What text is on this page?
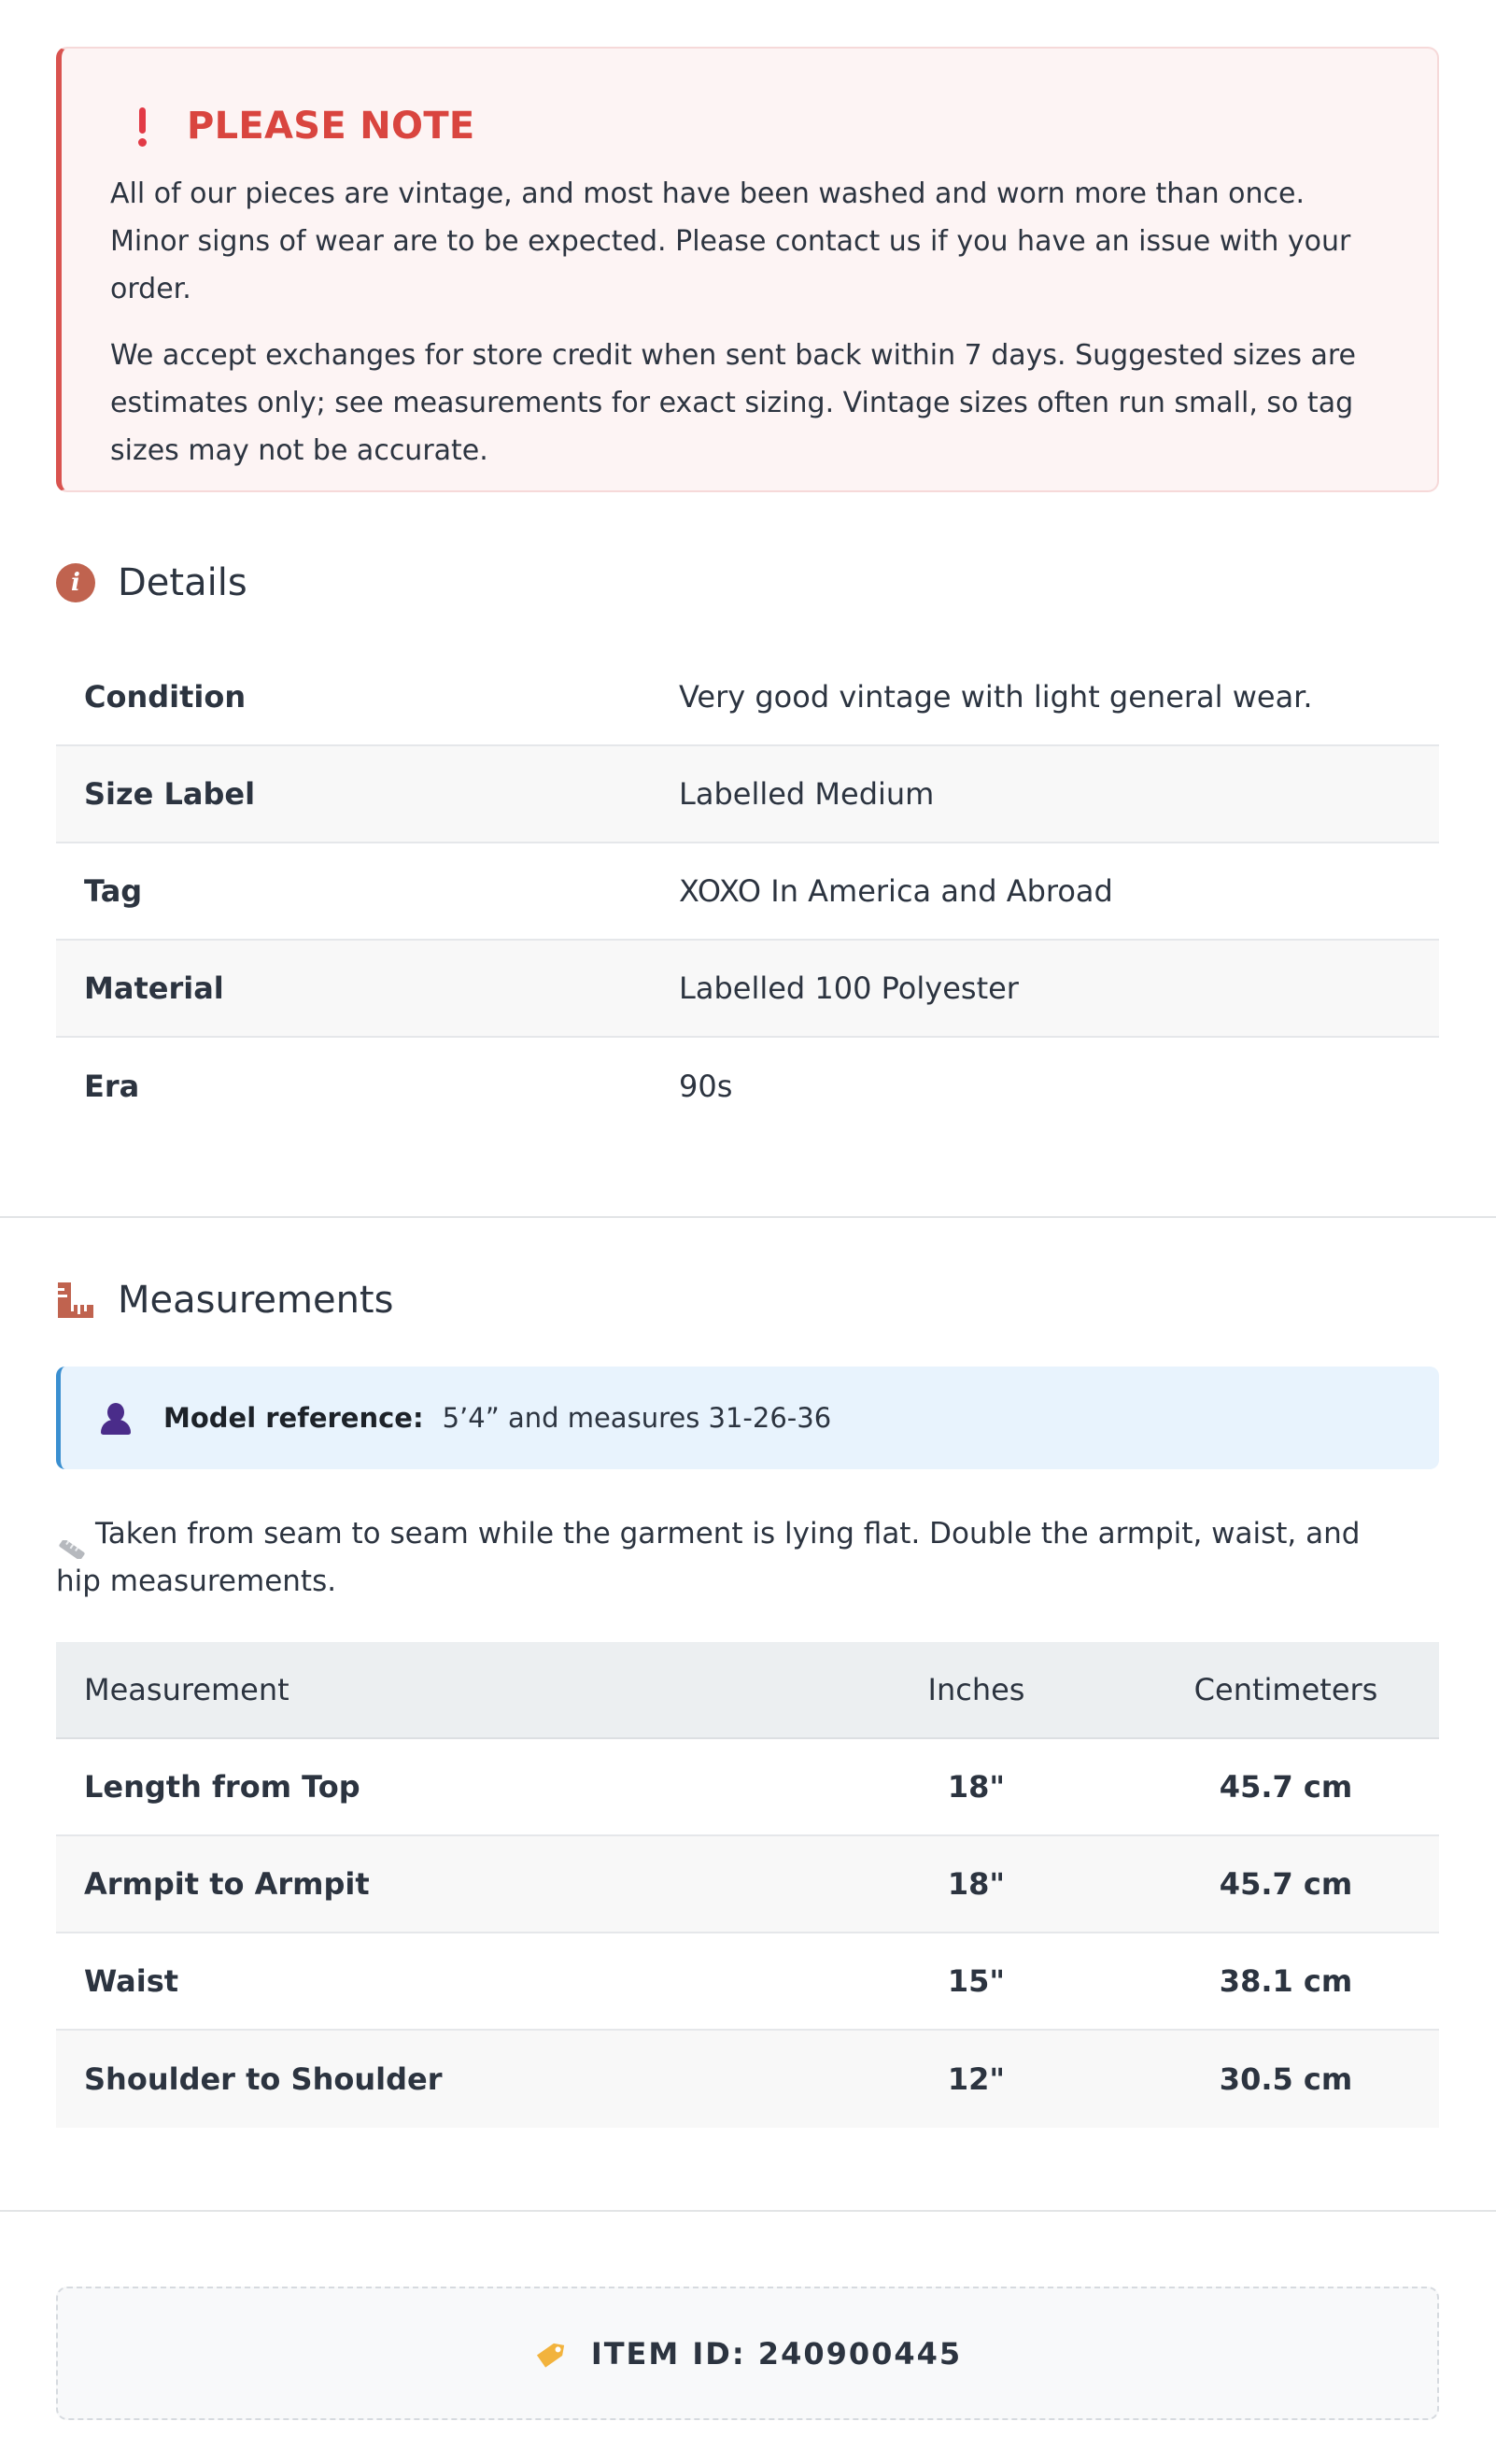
PLEASE NOTE

All of our pieces are vintage, and most have been washed and worn more than once. Minor signs of wear are to be expected. Please contact us if you have an issue with your order.

We accept exchanges for store credit when sent back within 7 days. Suggested sizes are estimates only; see measurements for exact sizing. Vintage sizes often run small, so tag sizes may not be accurate.

i	Details
Condition	Very good vintage with light general wear.
Size Label	Labelled Medium
Tag	XOXO In America and Abroad
Material	Labelled 100 Polyester
Era	90s
Measurements
Model reference: 5’4” and measures 31-26-36
Taken from seam to seam while the garment is lying flat. Double the armpit, waist, and hip measurements.
Measurement	Inches	Centimeters
Length from Top	18"	45.7 cm
Armpit to Armpit	18"	45.7 cm
Waist	15"	38.1 cm
Shoulder to Shoulder	12"	30.5 cm
ITEM ID: 240900445
